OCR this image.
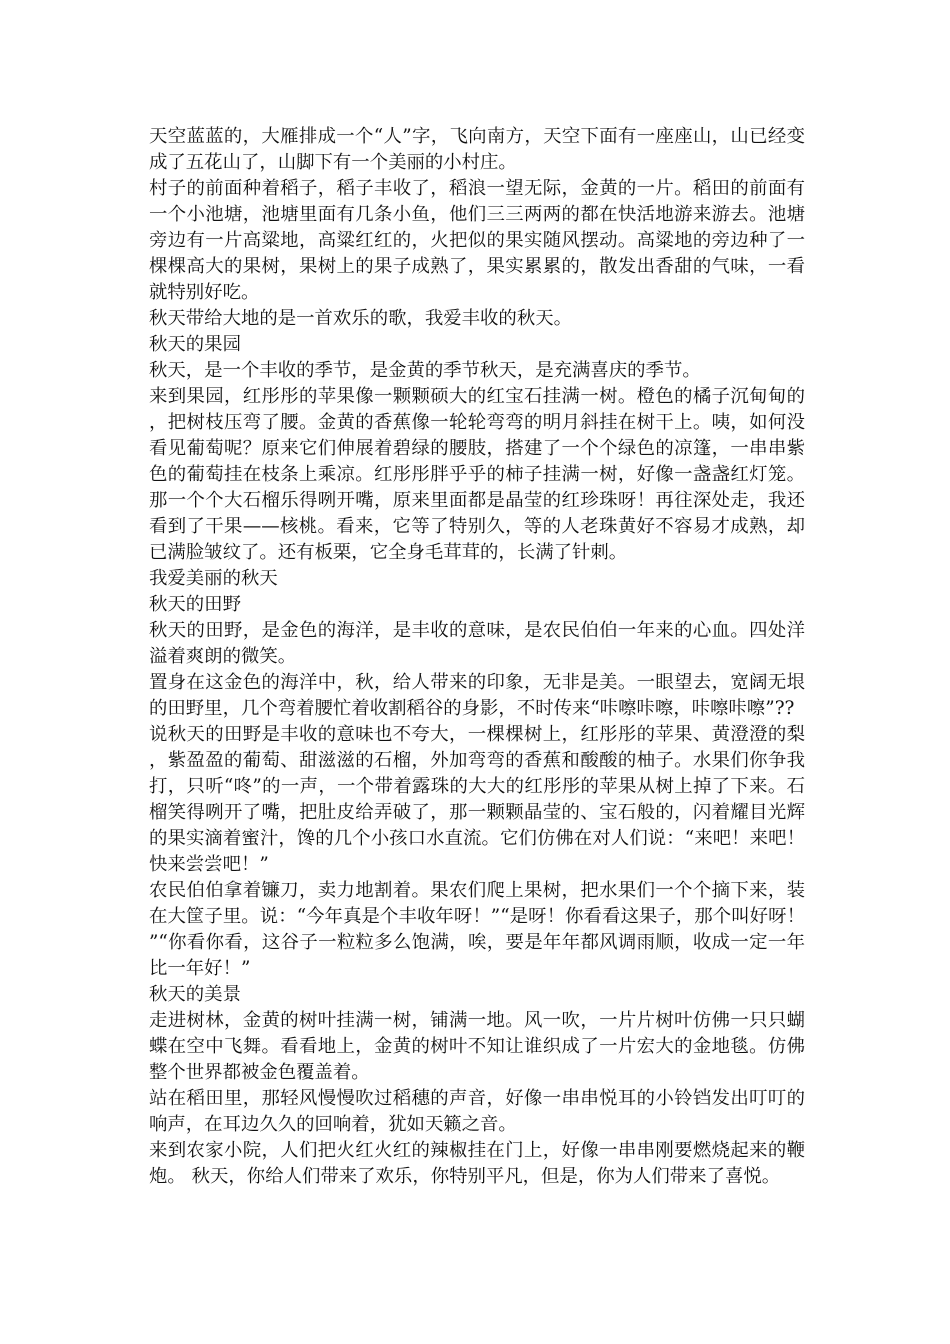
天空蓝蓝的，大雁排成一个“人”字，飞向南方，天空下面有一座座山，山已经变成了五花山了，山脚下有一个美丽的小村庄。

村子的前面种着稻子，稻子丰收了，稻浪一望无际，金黄的一片。稻田的前面有一个小池塘，池塘里面有几条小鱼，他们三三两两的都在快活地游来游去。池塘旁边有一片高粱地，高粱红红的，火把似的果实随风摆动。高粱地的旁边种了一棵棵高大的果树，果树上的果子成熟了，果实累累的，散发出香甜的气味，一看就特别好吃。

秋天带给大地的是一首欢乐的歌，我爱丰收的秋天。

秋天的果园

秋天，是一个丰收的季节，是金黄的季节秋天，是充满喜庆的季节。

来到果园，红彤彤的苹果像一颗颗硕大的红宝石挂满一树。橙色的橘子沉甸甸的，把树枝压弯了腰。金黄的香蕉像一轮轮弯弯的明月斜挂在树干上。咦，如何没看见葡萄呢？原来它们伸展着碧绿的腰肢，搭建了一个个绿色的凉篷，一串串紫色的葡萄挂在枝条上乘凉。红彤彤胖乎乎的柿子挂满一树，好像一盏盏红灯笼。那一个个大石榴乐得咧开嘴，原来里面都是晶莹的红珍珠呀！再往深处走，我还看到了干果——核桃。看来，它等了特别久，等的人老珠黄好不容易才成熟，却已满脸皱纹了。还有板栗，它全身毛茸茸的，长满了针刺。

我爱美丽的秋天

秋天的田野

秋天的田野，是金色的海洋，是丰收的意味，是农民伯伯一年来的心血。四处洋溢着爽朗的微笑。

置身在这金色的海洋中，秋，给人带来的印象，无非是美。一眼望去，宽阔无垠的田野里，几个弯着腰忙着收割稻谷的身影，不时传来“咔嚓咔嚓，咔嚓咔嚓”??

说秋天的田野是丰收的意味也不夸大，一棵棵树上，红彤彤的苹果、黄澄澄的梨，紫盈盈的葡萄、甜滋滋的石榴，外加弯弯的香蕉和酸酸的柚子。水果们你争我打，只听“咚”的一声，一个带着露珠的大大的红彤彤的苹果从树上掉了下来。石榴笑得咧开了嘴，把肚皮给弄破了，那一颗颗晶莹的、宝石般的，闪着耀目光辉的果实滴着蜜汁，馋的几个小孩口水直流。它们仿佛在对人们说：“来吧！来吧！快来尝尝吧！”

农民伯伯拿着镰刀，卖力地割着。果农们爬上果树，把水果们一个个摘下来，装在大筐子里。说：“今年真是个丰收年呀！”“是呀！你看看这果子，那个叫好呀！”“你看你看，这谷子一粒粒多么饱满，唉，要是年年都风调雨顺，收成一定一年比一年好！”

秋天的美景

走进树林，金黄的树叶挂满一树，铺满一地。风一吹，一片片树叶仿佛一只只蝴蝶在空中飞舞。看看地上，金黄的树叶不知让谁织成了一片宏大的金地毯。仿佛整个世界都被金色覆盖着。

站在稻田里，那轻风慢慢吹过稻穗的声音，好像一串串悦耳的小铃铛发出叮叮的响声，在耳边久久的回响着，犹如天籁之音。

来到农家小院，人们把火红火红的辣椒挂在门上，好像一串串刚要燃烧起来的鞭炮。 秋天，你给人们带来了欢乐，你特别平凡，但是，你为人们带来了喜悦。
